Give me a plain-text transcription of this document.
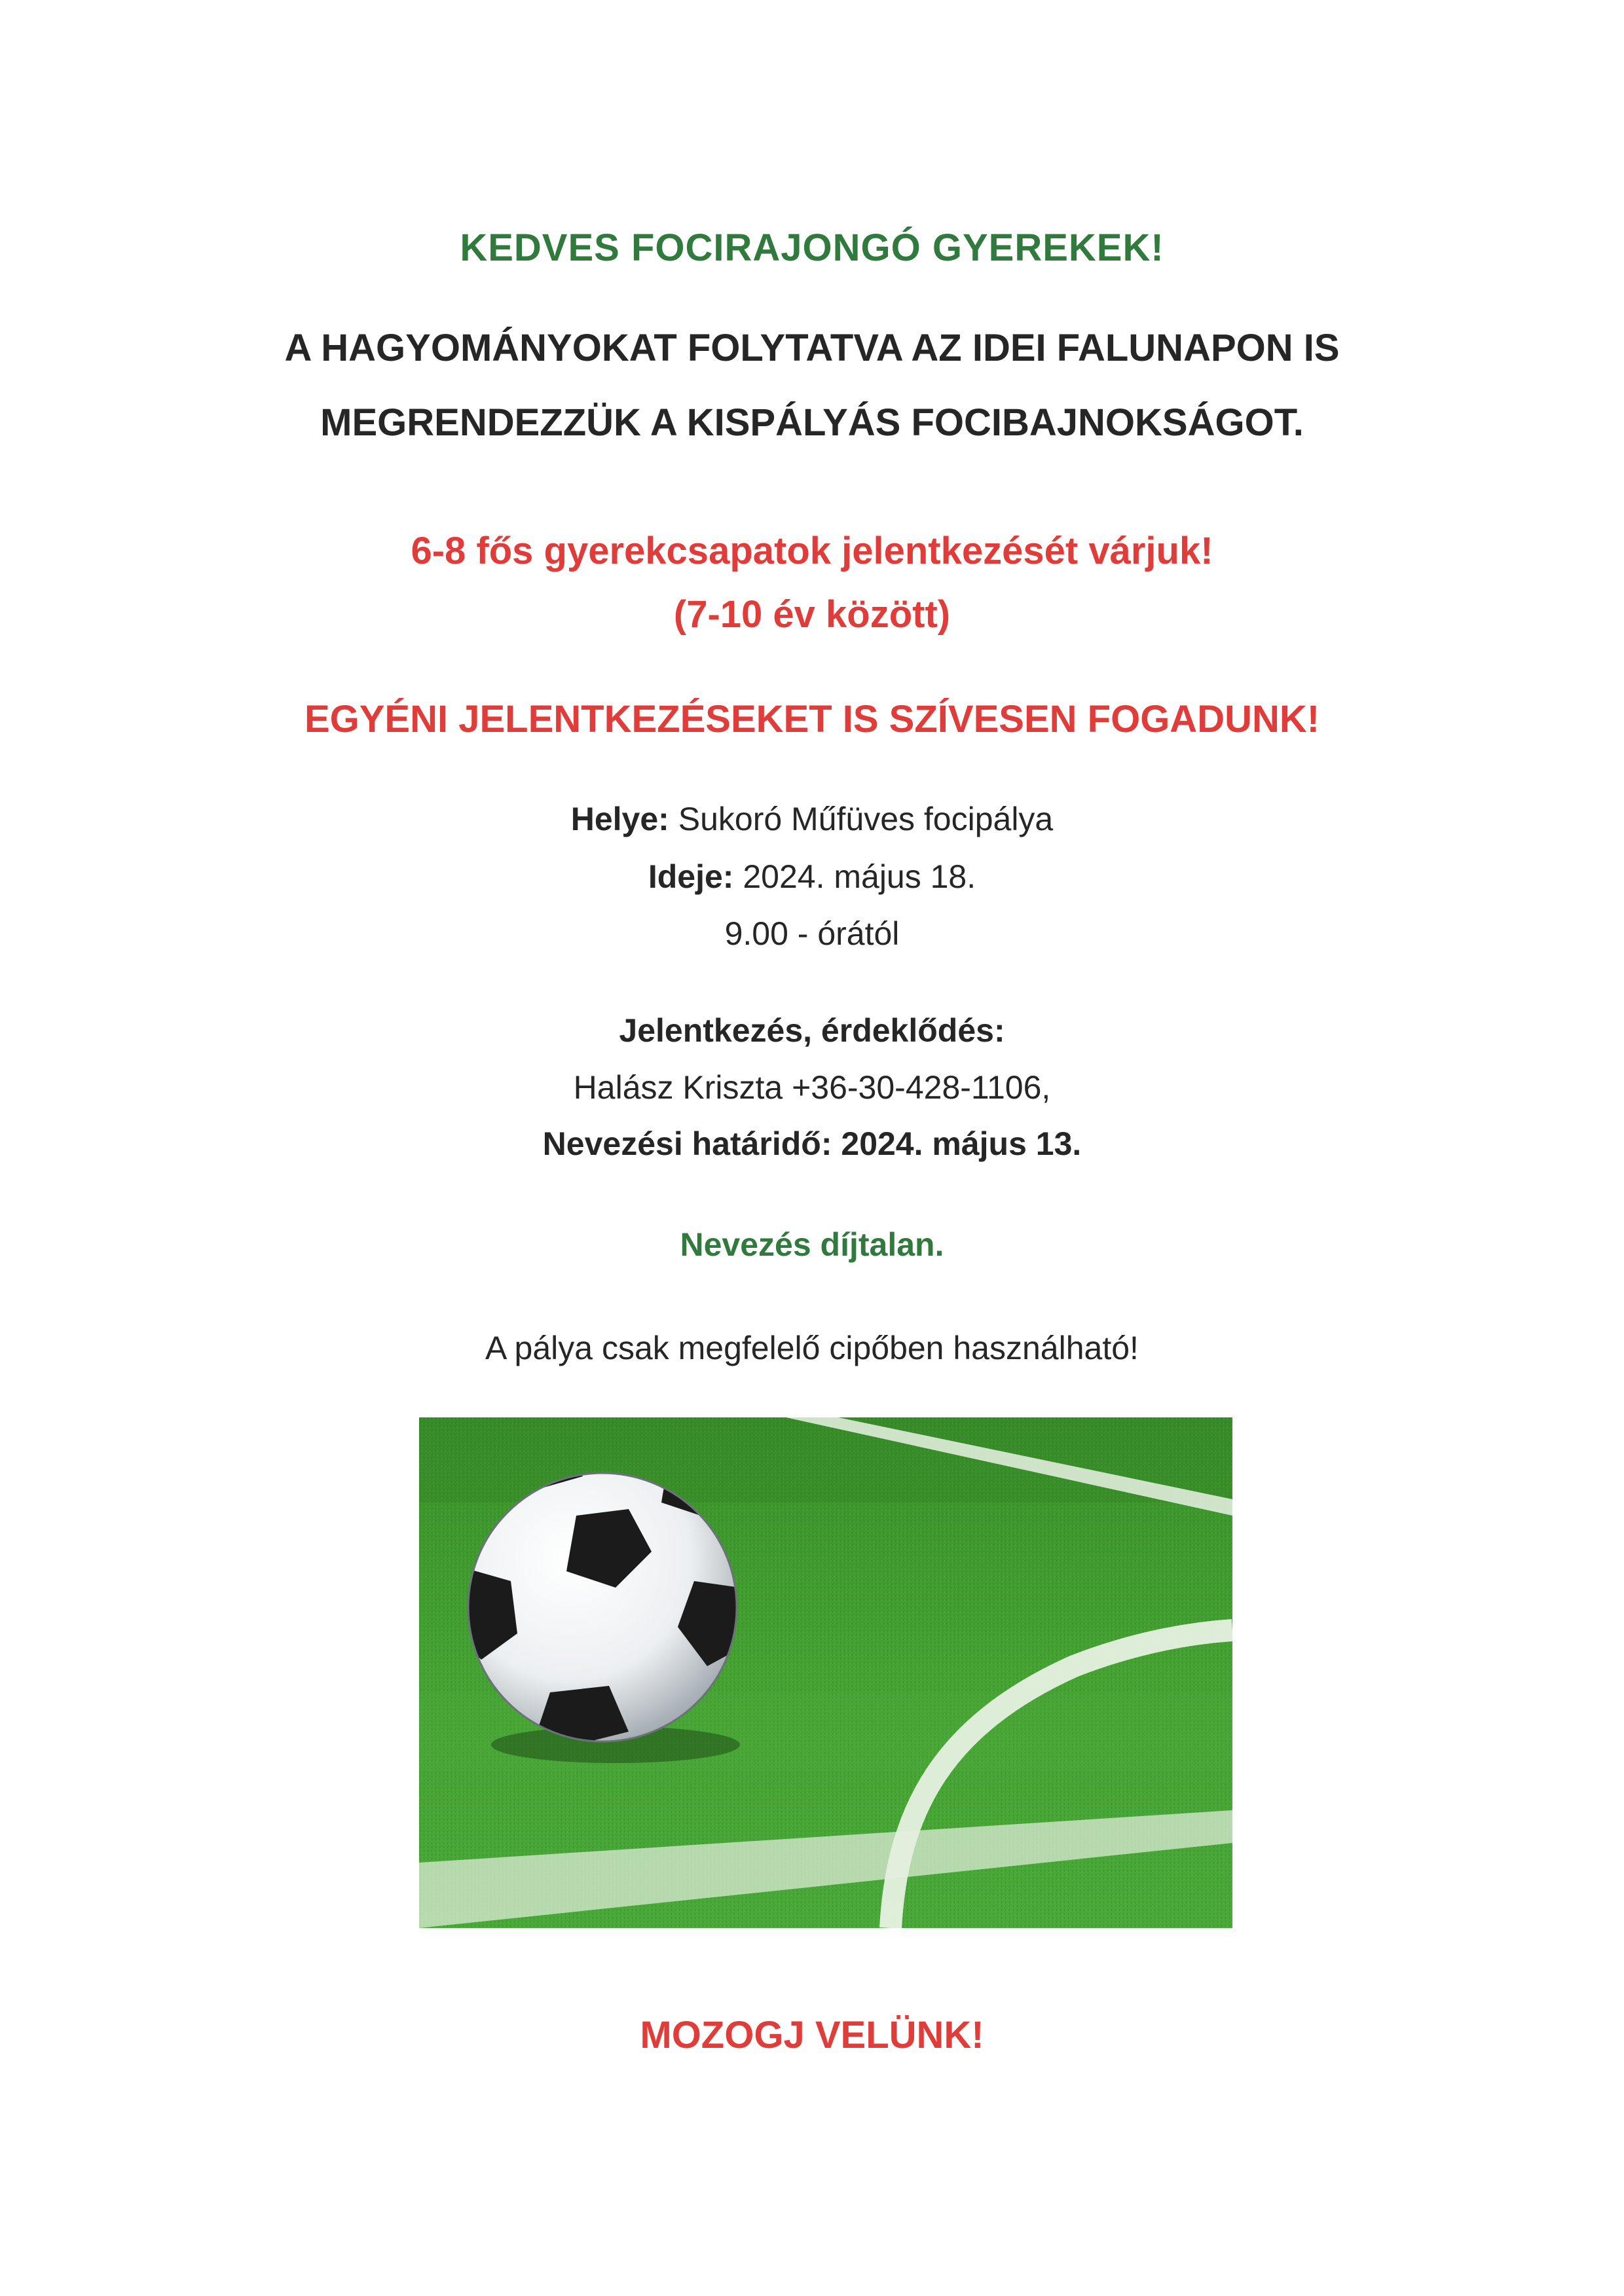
KEDVES FOCIRAJONGÓ GYEREKEK!

A HAGYOMÁNYOKAT FOLYTATVA AZ IDEI FALUNAPON IS

MEGRENDEZZÜK A KISPÁLYÁS FOCIBAJNOKSÁGOT.

6-8 fős gyerekcsapatok jelentkezését várjuk!

(7-10 év között)

EGYÉNI JELENTKEZÉSEKET IS SZÍVESEN FOGADUNK!

Helye: Sukoró Műfüves focipálya

Ideje: 2024. május 18.

9.00 - órától

Jelentkezés, érdeklődés:

Halász Kriszta +36-30-428-1106,

Nevezési határidő: 2024. május 13.

Nevezés díjtalan.

A pálya csak megfelelő cipőben használható!

MOZOGJ VELÜNK!
